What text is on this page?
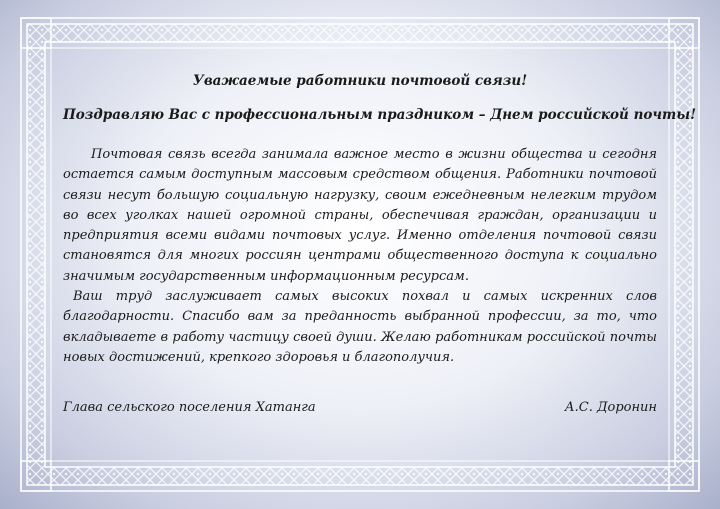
Уважаемые работники почтовой связи!

Поздравляю Вас с профессиональным праздником – Днем российской почты!

Почтовая связь всегда занимала важное место в жизни общества и сегодня остается самым доступным массовым средством общения. Работники почтовой связи несут большую социальную нагрузку, своим ежедневным нелегким трудом во всех уголках нашей огромной страны, обеспечивая граждан, организации и предприятия всеми видами почтовых услуг. Именно отделения почтовой связи становятся для многих россиян центрами общественного доступа к социально значимым государственным информационным ресурсам.

Ваш труд заслуживает самых высоких похвал и самых искренних слов благодарности. Спасибо вам за преданность выбранной профессии, за то, что вкладываете в работу частицу своей души. Желаю работникам российской почты новых достижений, крепкого здоровья и благополучия.

Глава сельского поселения Хатанга	А.С. Доронин
